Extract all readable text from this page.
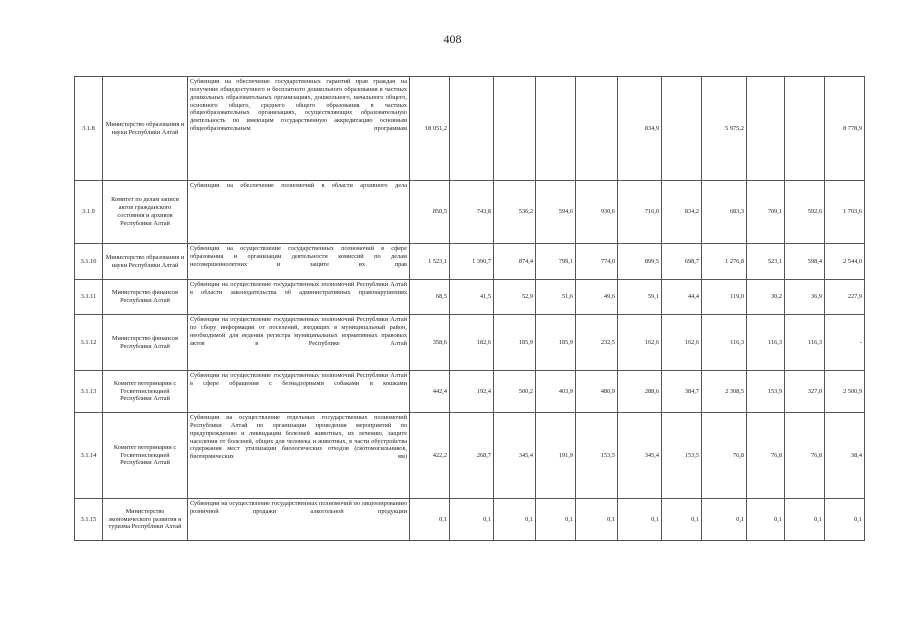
408
3.1.8	Министерство образования и науки Республики Алтай	Субвенции на обеспечение государственных гарантий прав граждан на получение общедоступного и бесплатного дошкольного образования в частных дошкольных образовательных организациях, дошкольного, начального общего, основного общего, среднего общего образования в частных общеобразовательных организациях, осуществляющих образовательную деятельность по имеющим государственную аккредитацию основным общеобразовательным программам	18 051,2					834,9		5 975,2			8 778,9
3.1.9	Комитет по делам записи актов гражданского состояния и архивов Республики Алтай	Субвенции на обеспечение полномочий в области архивного дела	850,5	743,8	536,2	594,6	930,6	716,0	834,2	683,3	709,1	592,6	1 703,6
3.1.10	Министерство образования и науки Республики Алтай	Субвенции на осуществление государственных полномочий в сфере образования и организации деятельности комиссий по делам несовершеннолетних и защите их прав	1 523,1	1 390,7	874,4	799,1	774,0	899,5	698,7	1 276,8	523,1	598,4	2 544,0
3.1.11	Министерство финансов Республики Алтай	Субвенции на осуществление государственных полномочий Республики Алтай в области законодательства об административных правонарушениях	68,5	41,5	52,9	51,6	49,6	59,1	44,4	119,0	30,2	36,9	227,9
3.1.12	Министерство финансов Республики Алтай	Субвенции на осуществление государственных полномочий Республики Алтай по сбору информации от поселений, входящих в муниципальный район, необходимой для ведения регистра муниципальных нормативных правовых актов в Республике Алтай	358,6	182,6	185,9	185,9	232,5	162,6	162,6	116,3	116,3	116,3	-
3.1.13	Комитет ветеринарии с Госветинспекцией Республики Алтай	Субвенции на осуществление государственных полномочий Республики Алтай в сфере обращения с безнадзорными собаками и кошками	442,4	192,4	500,2	403,9	480,9	288,6	384,7	2 308,5	153,9	327,0	2 500,9
3.1.14	Комитет ветеринарии с Госветинспекцией Республики Алтай	Субвенции на осуществление отдельных государственных полномочий Республики Алтай по организации проведения мероприятий по предупреждению и ликвидации болезней животных, их лечению, защите населения от болезней, общих для человека и животных, в части обустройства содержания мест утилизации биологических отходов (скотомогильников, биотермических ям)	422,2	268,7	345,4	191,9	153,5	345,4	153,5	76,8	76,8	76,8	38,4
3.1.15	Министерство экономического развития и туризма Республики Алтай	Субвенции на осуществление государственных полномочий по лицензированию розничной продажи алкогольной продукции	0,1	0,1	0,1	0,1	0,1	0,1	0,1	0,1	0,1	0,1	0,1
